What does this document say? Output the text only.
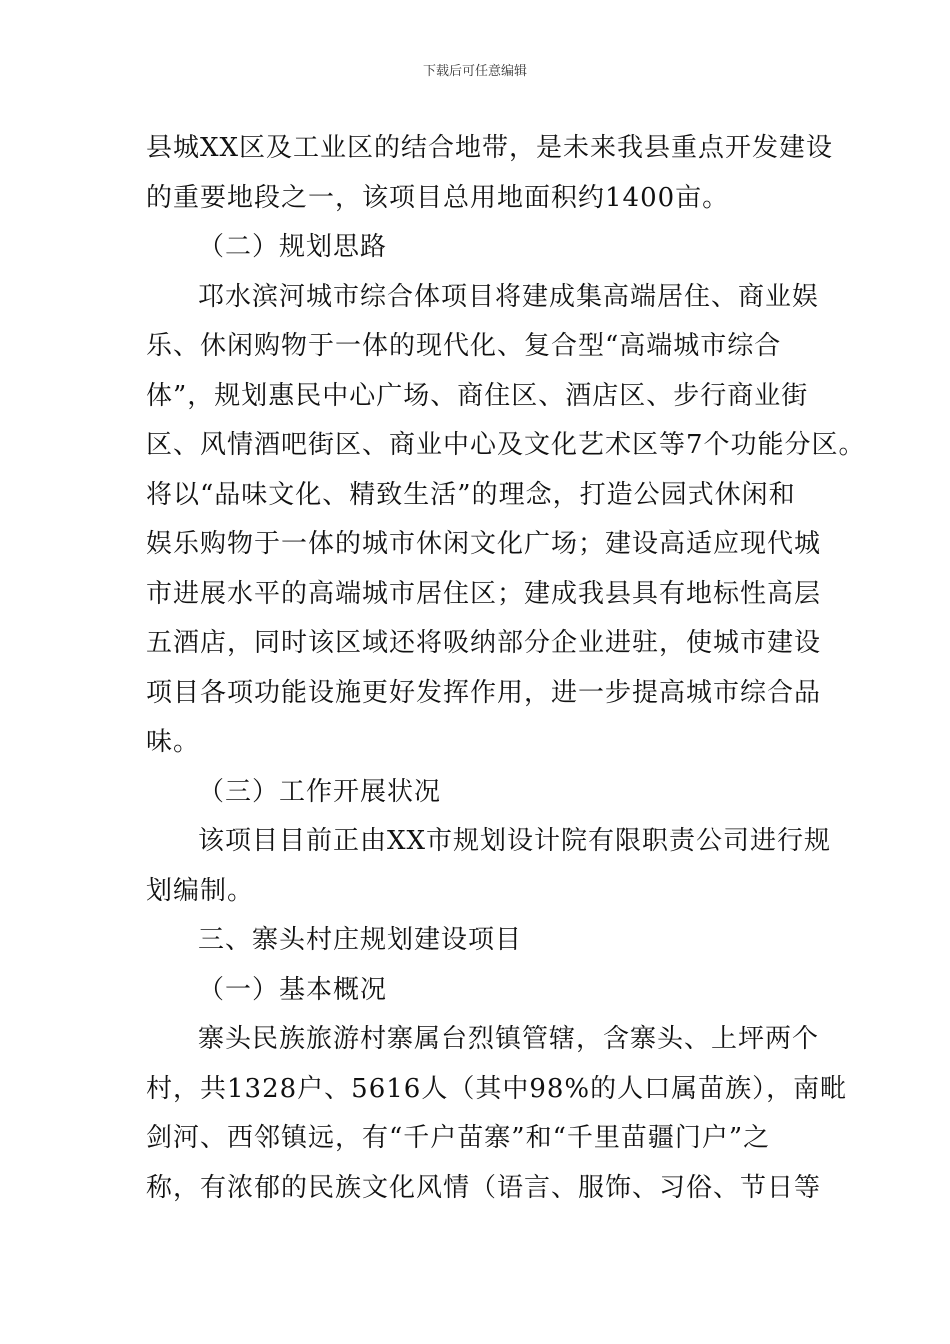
下载后可任意编辑
县城XX区及工业区的结合地带，是未来我县重点开发建设
的重要地段之一，该项目总用地面积约1400亩。
（二）规划思路
邛水滨河城市综合体项目将建成集高端居住、商业娱
乐、休闲购物于一体的现代化、复合型“高端城市综合
体”，规划惠民中心广场、商住区、酒店区、步行商业街
区、风情酒吧街区、商业中心及文化艺术区等7个功能分区。
将以“品味文化、精致生活”的理念，打造公园式休闲和
娱乐购物于一体的城市休闲文化广场；建设高适应现代城
市进展水平的高端城市居住区；建成我县具有地标性高层
五酒店，同时该区域还将吸纳部分企业进驻，使城市建设
项目各项功能设施更好发挥作用，进一步提高城市综合品
味。
（三）工作开展状况
该项目目前正由XX市规划设计院有限职责公司进行规
划编制。
三、寨头村庄规划建设项目
（一）基本概况
寨头民族旅游村寨属台烈镇管辖，含寨头、上坪两个
村，共1328户、5616人（其中98%的人口属苗族），南毗
剑河、西邻镇远，有“千户苗寨”和“千里苗疆门户”之
称，有浓郁的民族文化风情（语言、服饰、习俗、节日等
